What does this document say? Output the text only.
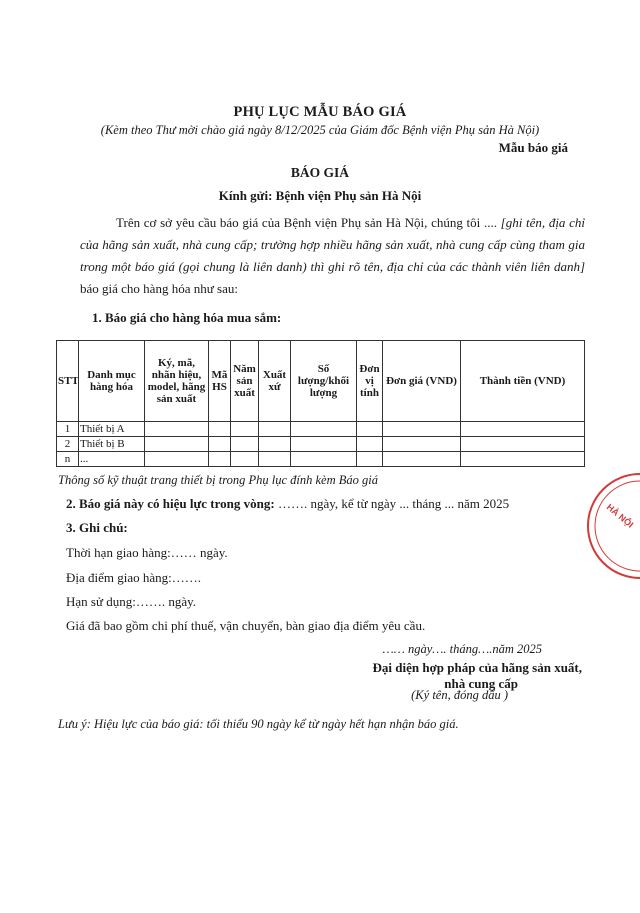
PHỤ LỤC MẪU BÁO GIÁ
(Kèm theo Thư mời chào giá ngày 8/12/2025 của Giám đốc Bệnh viện Phụ sản Hà Nội)
Mẫu báo giá
BÁO GIÁ
Kính gửi: Bệnh viện Phụ sản Hà Nội
Trên cơ sở yêu cầu báo giá của Bệnh viện Phụ sản Hà Nội, chúng tôi .... [ghi tên, địa chỉ của hãng sản xuất, nhà cung cấp; trường hợp nhiều hãng sản xuất, nhà cung cấp cùng tham gia trong một báo giá (gọi chung là liên danh) thì ghi rõ tên, địa chỉ của các thành viên liên danh] báo giá cho hàng hóa như sau:
1. Báo giá cho hàng hóa mua sắm:
STT	Danh mục hàng hóa	Ký, mã, nhãn hiệu, model, hãng sản xuất	Mã HS	Năm sản xuất	Xuất xứ	Số lượng/khối lượng	Đơn vị tính	Đơn giá (VND)	Thành tiền (VND)
1	Thiết bị A								
2	Thiết bị B								
n	...								
Thông số kỹ thuật trang thiết bị trong Phụ lục đính kèm Báo giá
2. Báo giá này có hiệu lực trong vòng: ……. ngày, kể từ ngày ... tháng ... năm 2025
3. Ghi chú:
Thời hạn giao hàng:…… ngày.
Địa điểm giao hàng:…….
Hạn sử dụng:……. ngày.
Giá đã bao gồm chi phí thuế, vận chuyển, bàn giao địa điểm yêu cầu.
…… ngày…. tháng….năm 2025
Đại diện hợp pháp của hãng sản xuất,
nhà cung cấp
(Ký tên, đóng dấu )
Lưu ý: Hiệu lực của báo giá: tối thiểu 90 ngày kể từ ngày hết hạn nhận báo giá.
HÀ NỘI
